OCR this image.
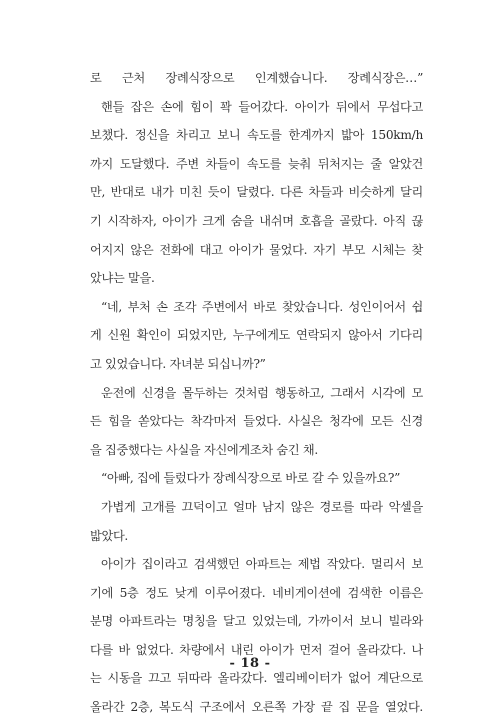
로 근처 장례식장으로 인계했습니다. 장례식장은…”
핸들 잡은 손에 힘이 꽉 들어갔다. 아이가 뒤에서 무섭다고
보챘다. 정신을 차리고 보니 속도를 한계까지 밟아 150km/h
까지 도달했다. 주변 차들이 속도를 늦춰 뒤처지는 줄 알았건
만, 반대로 내가 미친 듯이 달렸다. 다른 차들과 비슷하게 달리
기 시작하자, 아이가 크게 숨을 내쉬며 호흡을 골랐다. 아직 끊
어지지 않은 전화에 대고 아이가 물었다. 자기 부모 시체는 찾
았냐는 말을.
“네, 부처 손 조각 주변에서 바로 찾았습니다. 성인이어서 쉽
게 신원 확인이 되었지만, 누구에게도 연락되지 않아서 기다리
고 있었습니다. 자녀분 되십니까?”
운전에 신경을 몰두하는 것처럼 행동하고, 그래서 시각에 모
든 힘을 쏟았다는 착각마저 들었다. 사실은 청각에 모든 신경
을 집중했다는 사실을 자신에게조차 숨긴 채.
“아빠, 집에 들렀다가 장례식장으로 바로 갈 수 있을까요?”
가볍게 고개를 끄덕이고 얼마 남지 않은 경로를 따라 악셀을
밟았다.
아이가 집이라고 검색했던 아파트는 제법 작았다. 멀리서 보
기에 5층 정도 낮게 이루어졌다. 네비게이션에 검색한 이름은
분명 아파트라는 명칭을 달고 있었는데, 가까이서 보니 빌라와
다를 바 없었다. 차량에서 내린 아이가 먼저 걸어 올라갔다. 나
는 시동을 끄고 뒤따라 올라갔다. 엘리베이터가 없어 계단으로
올라간 2층, 복도식 구조에서 오른쪽 가장 끝 집 문을 열었다.
- 18 -
